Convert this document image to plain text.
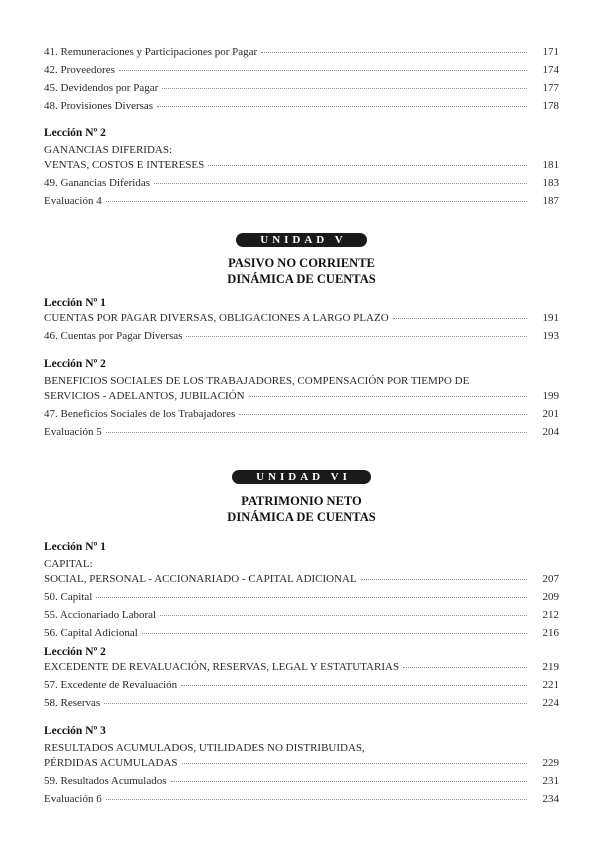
41. Remuneraciones y Participaciones por Pagar	171
42. Proveedores	174
45. Devidendos por Pagar	177
48. Provisiones Diversas	178
Lección Nº 2
GANANCIAS DIFERIDAS:
VENTAS, COSTOS E INTERESES	181
49. Ganancias Diferidas	183
Evaluación 4	187
UNIDAD V
PASIVO NO CORRIENTE
DINÁMICA DE CUENTAS
Lección Nº 1
CUENTAS POR PAGAR DIVERSAS, OBLIGACIONES A LARGO PLAZO	191
46. Cuentas por Pagar Diversas	193
Lección Nº 2
BENEFICIOS SOCIALES DE LOS TRABAJADORES, COMPENSACIÓN POR TIEMPO DE
SERVICIOS - ADELANTOS, JUBILACIÓN	199
47. Beneficios Sociales de los Trabajadores	201
Evaluación 5	204
UNIDAD VI
PATRIMONIO NETO
DINÁMICA DE CUENTAS
Lección Nº 1
CAPITAL:
SOCIAL, PERSONAL - ACCIONARIADO - CAPITAL ADICIONAL	207
50. Capital	209
55. Accionariado Laboral	212
56. Capital Adicional	216
Lección Nº 2
EXCEDENTE DE REVALUACIÓN, RESERVAS, LEGAL Y ESTATUTARIAS	219
57. Excedente de Revaluación	221
58. Reservas	224
Lección Nº 3
RESULTADOS ACUMULADOS, UTILIDADES NO DISTRIBUIDAS,
PÉRDIDAS ACUMULADAS	229
59. Resultados Acumulados	231
Evaluación 6	234
